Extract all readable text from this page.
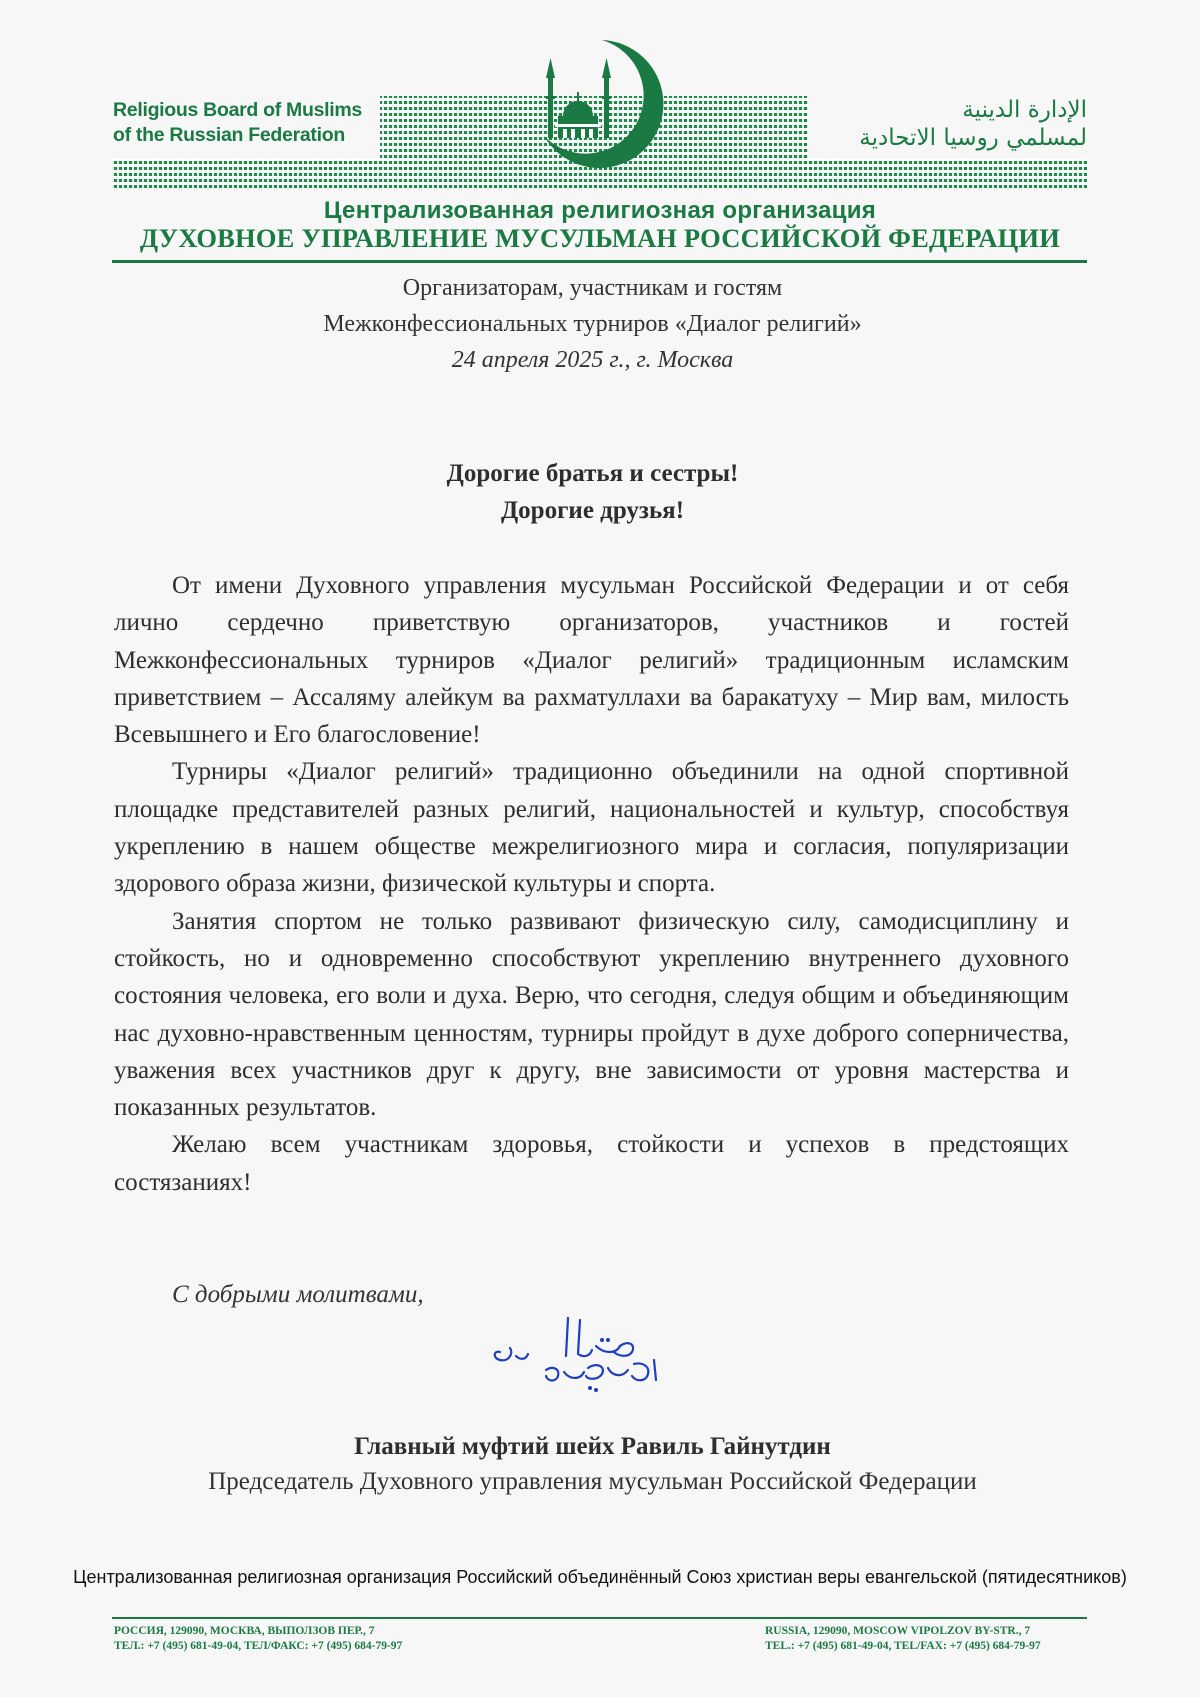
Religious Board of Muslims
of the Russian Federation
الإدارة الدينية
لمسلمي روسيا الاتحادية
Централизованная религиозная организация
ДУХОВНОЕ УПРАВЛЕНИЕ МУСУЛЬМАН РОССИЙСКОЙ ФЕДЕРАЦИИ
Организаторам, участникам и гостям
Межконфессиональных турниров «Диалог религий»
24 апреля 2025 г., г. Москва
Дорогие братья и сестры!
Дорогие друзья!

От имени Духовного управления мусульман Российской Федерации и от себя лично сердечно приветствую организаторов, участников и гостей Межконфессиональных турниров «Диалог религий» традиционным исламским приветствием – Ассаляму алейкум ва рахматуллахи ва баракатуху – Мир вам, милость Всевышнего и Его благословение!

Турниры «Диалог религий» традиционно объединили на одной спортивной площадке представителей разных религий, национальностей и культур, способствуя укреплению в нашем обществе межрелигиозного мира и согласия, популяризации здорового образа жизни, физической культуры и спорта.

Занятия спортом не только развивают физическую силу, самодисциплину и стойкость, но и одновременно способствуют укреплению внутреннего духовного состояния человека, его воли и духа. Верю, что сегодня, следуя общим и объединяющим нас духовно-нравственным ценностям, турниры пройдут в духе доброго соперничества, уважения всех участников друг к другу, вне зависимости от уровня мастерства и показанных результатов.

Желаю всем участникам здоровья, стойкости и успехов в предстоящих состязаниях!

С добрыми молитвами,
Главный муфтий шейх Равиль Гайнутдин
Председатель Духовного управления мусульман Российской Федерации
Централизованная религиозная организация Российский объединённый Союз христиан веры евангельской (пятидесятников)
РОССИЯ, 129090, МОСКВА, ВЫПОЛЗОВ ПЕР., 7
ТЕЛ.: +7 (495) 681-49-04, ТЕЛ/ФАКС: +7 (495) 684-79-97
RUSSIA, 129090, MOSCOW VIPOLZOV BY-STR., 7
TEL.: +7 (495) 681-49-04, TEL/FAX: +7 (495) 684-79-97
